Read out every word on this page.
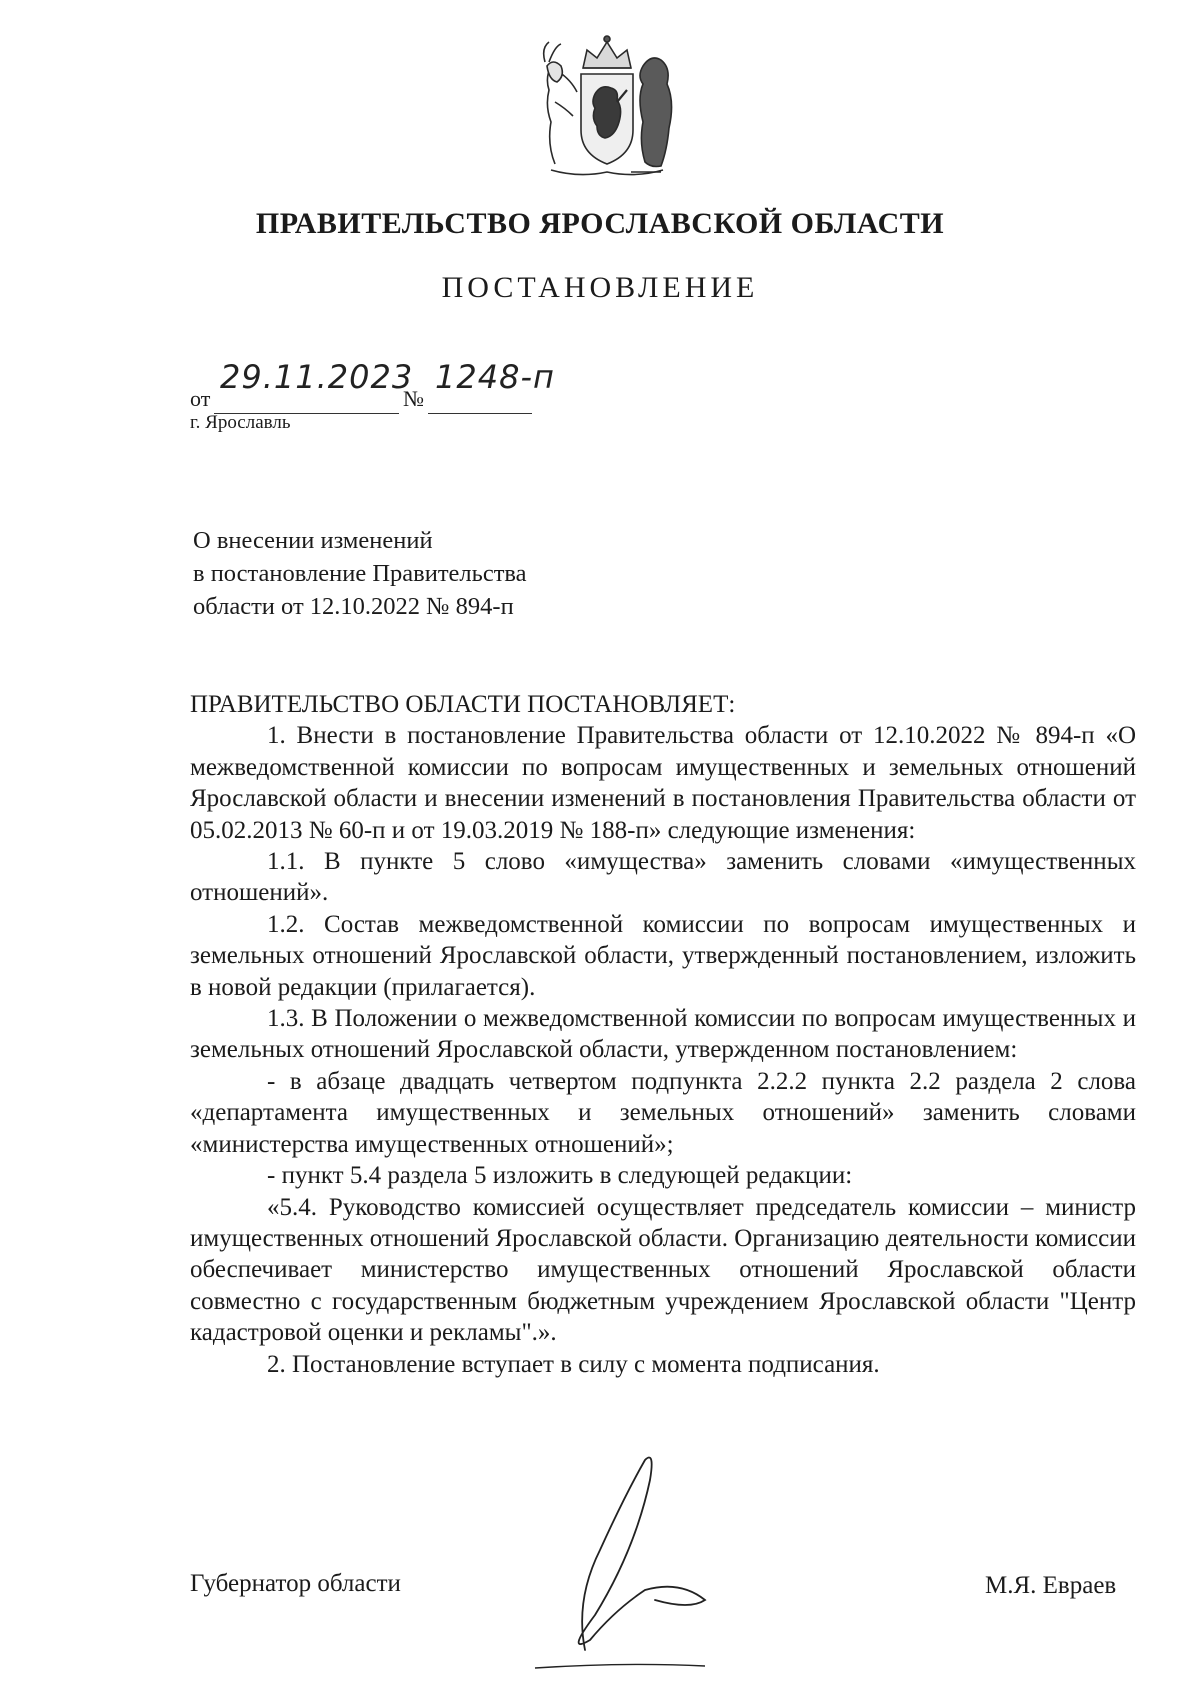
ПРАВИТЕЛЬСТВО ЯРОСЛАВСКОЙ ОБЛАСТИ
ПОСТАНОВЛЕНИЕ
от
29.11.2023
№
1248-п
г. Ярославль
О внесении изменений
в постановление Правительства
области от 12.10.2022 № 894-п

ПРАВИТЕЛЬСТВО ОБЛАСТИ ПОСТАНОВЛЯЕТ:

1. Внести в постановление Правительства области от 12.10.2022 № 894-п «О межведомственной комиссии по вопросам имущественных и земельных отношений Ярославской области и внесении изменений в постановления Правительства области от 05.02.2013 № 60-п и от 19.03.2019 № 188-п» следующие изменения:

1.1. В пункте 5 слово «имущества» заменить словами «имущественных отношений».

1.2. Состав межведомственной комиссии по вопросам имущественных и земельных отношений Ярославской области, утвержденный постановлением, изложить в новой редакции (прилагается).

1.3. В Положении о межведомственной комиссии по вопросам имущественных и земельных отношений Ярославской области, утвержденном постановлением:

- в абзаце двадцать четвертом подпункта 2.2.2 пункта 2.2 раздела 2 слова «департамента имущественных и земельных отношений» заменить словами «министерства имущественных отношений»;

- пункт 5.4 раздела 5 изложить в следующей редакции:

«5.4. Руководство комиссией осуществляет председатель комиссии – министр имущественных отношений Ярославской области. Организацию деятельности комиссии обеспечивает министерство имущественных отношений Ярославской области совместно с государственным бюджетным учреждением Ярославской области "Центр кадастровой оценки и рекламы".».

2. Постановление вступает в силу с момента подписания.

Губернатор области	М.Я. Евраев
